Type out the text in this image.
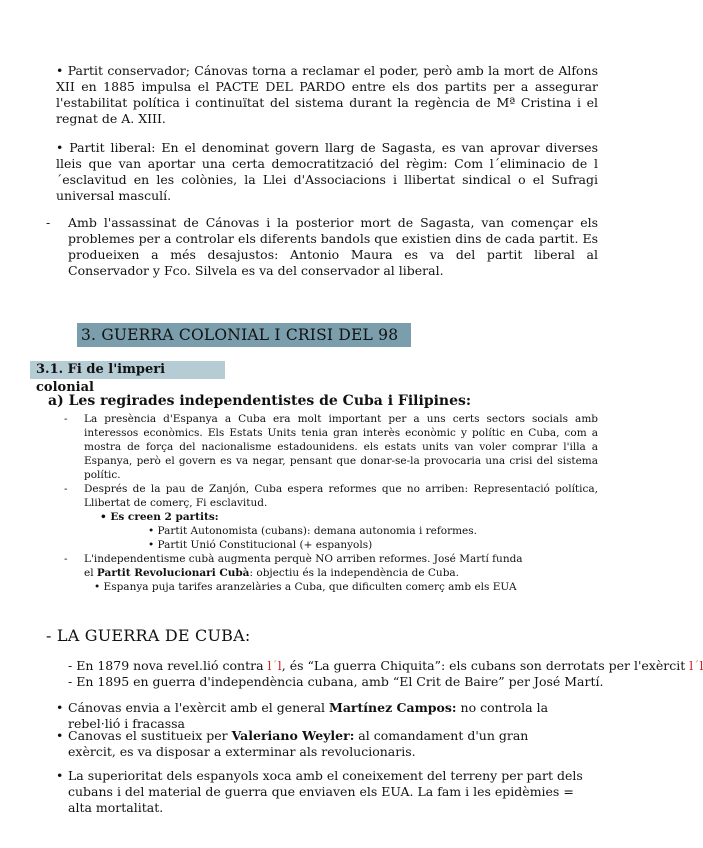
• Partit conservador; Cánovas torna a reclamar el poder, però amb la mort de Alfons XII en 1885 impulsa el PACTE DEL PARDO entre els dos partits per a assegurar l'estabilitat política i continuïtat del sistema durant la regència de Mª Cristina i el regnat de A. XIII.
• Partit liberal: En el denominat govern llarg de Sagasta, es van aprovar diverses lleis que van aportar una certa democratització del règim: Com l´eliminacio de l´esclavitud en les colònies, la Llei d'Associacions i llibertat sindical o el Sufragi universal masculí.
- Amb l'assassinat de Cánovas i la posterior mort de Sagasta, van començar els problemes per a controlar els diferents bandols que existien dins de cada partit. Es produeixen a més desajustos: Antonio Maura es va del partit liberal al Conservador y Fco. Silvela es va del conservador al liberal.
3. GUERRA COLONIAL I CRISI DEL 98
3.1. Fi de l'imperi colonial
a) Les regirades independentistes de Cuba i Filipines:
- La presència d'Espanya a Cuba era molt important per a uns certs sectors socials amb interessos econòmics. Els Estats Units tenia gran interès econòmic y polític en Cuba, com a mostra de força del nacionalisme estadounidens. els estats units van voler comprar l'illa a Espanya, però el govern es va negar, pensant que donar-se-la provocaria una crisi del sistema polític.
- Després de la pau de Zanjón, Cuba espera reformes que no arriben: Representació política, Llibertat de comerç, Fi esclavitud.
• Es creen 2 partits:
• Partit Autonomista (cubans): demana autonomia i reformes.
• Partit Unió Constitucional (+ espanyols)
- L'independentisme cubà augmenta perquè NO arriben reformes. José Martí funda el Partit Revolucionari Cubà: objectiu és la independència de Cuba.
• Espanya puja tarifes aranzelàries a Cuba, que dificulten comerç amb els EUA
- LA GUERRA DE CUBA:
- En 1879 nova revel.lió contra l´l, és “La guerra Chiquita”: els cubans son derrotats per l'exèrcit l´l
- En 1895 en guerra d'independència cubana, amb “El Crit de Baire” per José Martí.
• Cánovas envia a l'exèrcit amb el general Martínez Campos: no controla la rebel·lió i fracassa
• Canovas el sustitueix per Valeriano Weyler: al comandament d'un gran exèrcit, es va disposar a exterminar als revolucionaris.
• La superioritat dels espanyols xoca amb el coneixement del terreny per part dels cubans i del material de guerra que enviaven els EUA. La fam i les epidèmies = alta mortalitat.
